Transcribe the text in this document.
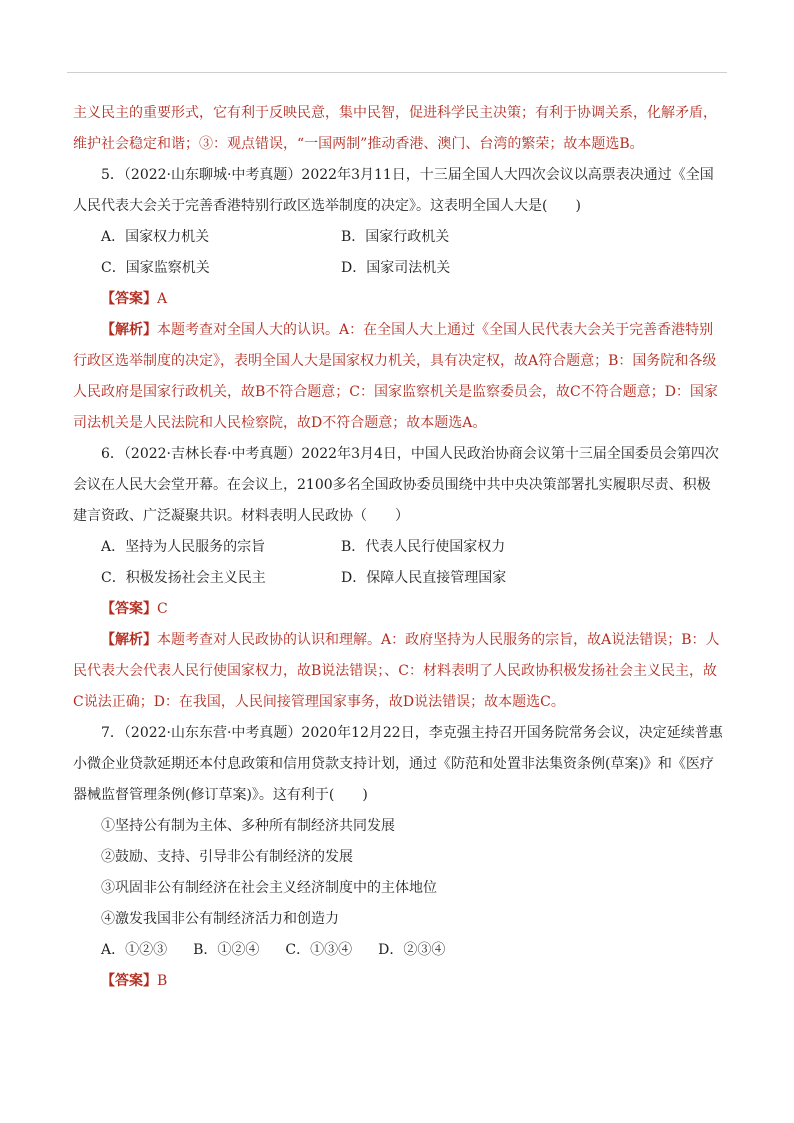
主义民主的重要形式，它有利于反映民意，集中民智，促进科学民主决策；有利于协调关系，化解矛盾，维护社会稳定和谐；③：观点错误，“一国两制”推动香港、澳门、台湾的繁荣；故本题选B。

5．（2022·山东聊城·中考真题）2022年3月11日，十三届全国人大四次会议以高票表决通过《全国人民代表大会关于完善香港特别行政区选举制度的决定》。这表明全国人大是(　　)

A．国家权力机关	B．国家行政机关
C．国家监察机关	D．国家司法机关

【答案】A

【解析】本题考查对全国人大的认识。A：在全国人大上通过《全国人民代表大会关于完善香港特别行政区选举制度的决定》，表明全国人大是国家权力机关，具有决定权，故A符合题意；B：国务院和各级人民政府是国家行政机关，故B不符合题意；C：国家监察机关是监察委员会，故C不符合题意；D：国家司法机关是人民法院和人民检察院，故D不符合题意；故本题选A。

6．（2022·吉林长春·中考真题）2022年3月4日，中国人民政治协商会议第十三届全国委员会第四次会议在人民大会堂开幕。在会议上，2100多名全国政协委员围绕中共中央决策部署扎实履职尽责、积极建言资政、广泛凝聚共识。材料表明人民政协（　　）

A．坚持为人民服务的宗旨	B．代表人民行使国家权力
C．积极发扬社会主义民主	D．保障人民直接管理国家

【答案】C

【解析】本题考查对人民政协的认识和理解。A：政府坚持为人民服务的宗旨，故A说法错误；B：人民代表大会代表人民行使国家权力，故B说法错误；、C：材料表明了人民政协积极发扬社会主义民主，故C说法正确；D：在我国，人民间接管理国家事务，故D说法错误；故本题选C。

7．（2022·山东东营·中考真题）2020年12月22日，李克强主持召开国务院常务会议，决定延续普惠小微企业贷款延期还本付息政策和信用贷款支持计划，通过《防范和处置非法集资条例(草案)》和《医疗器械监督管理条例(修订草案)》。这有利于(　　)

①坚持公有制为主体、多种所有制经济共同发展
②鼓励、支持、引导非公有制经济的发展
③巩固非公有制经济在社会主义经济制度中的主体地位
④激发我国非公有制经济活力和创造力
A．①②③ B．①②④ C．①③④ D．②③④

【答案】B
